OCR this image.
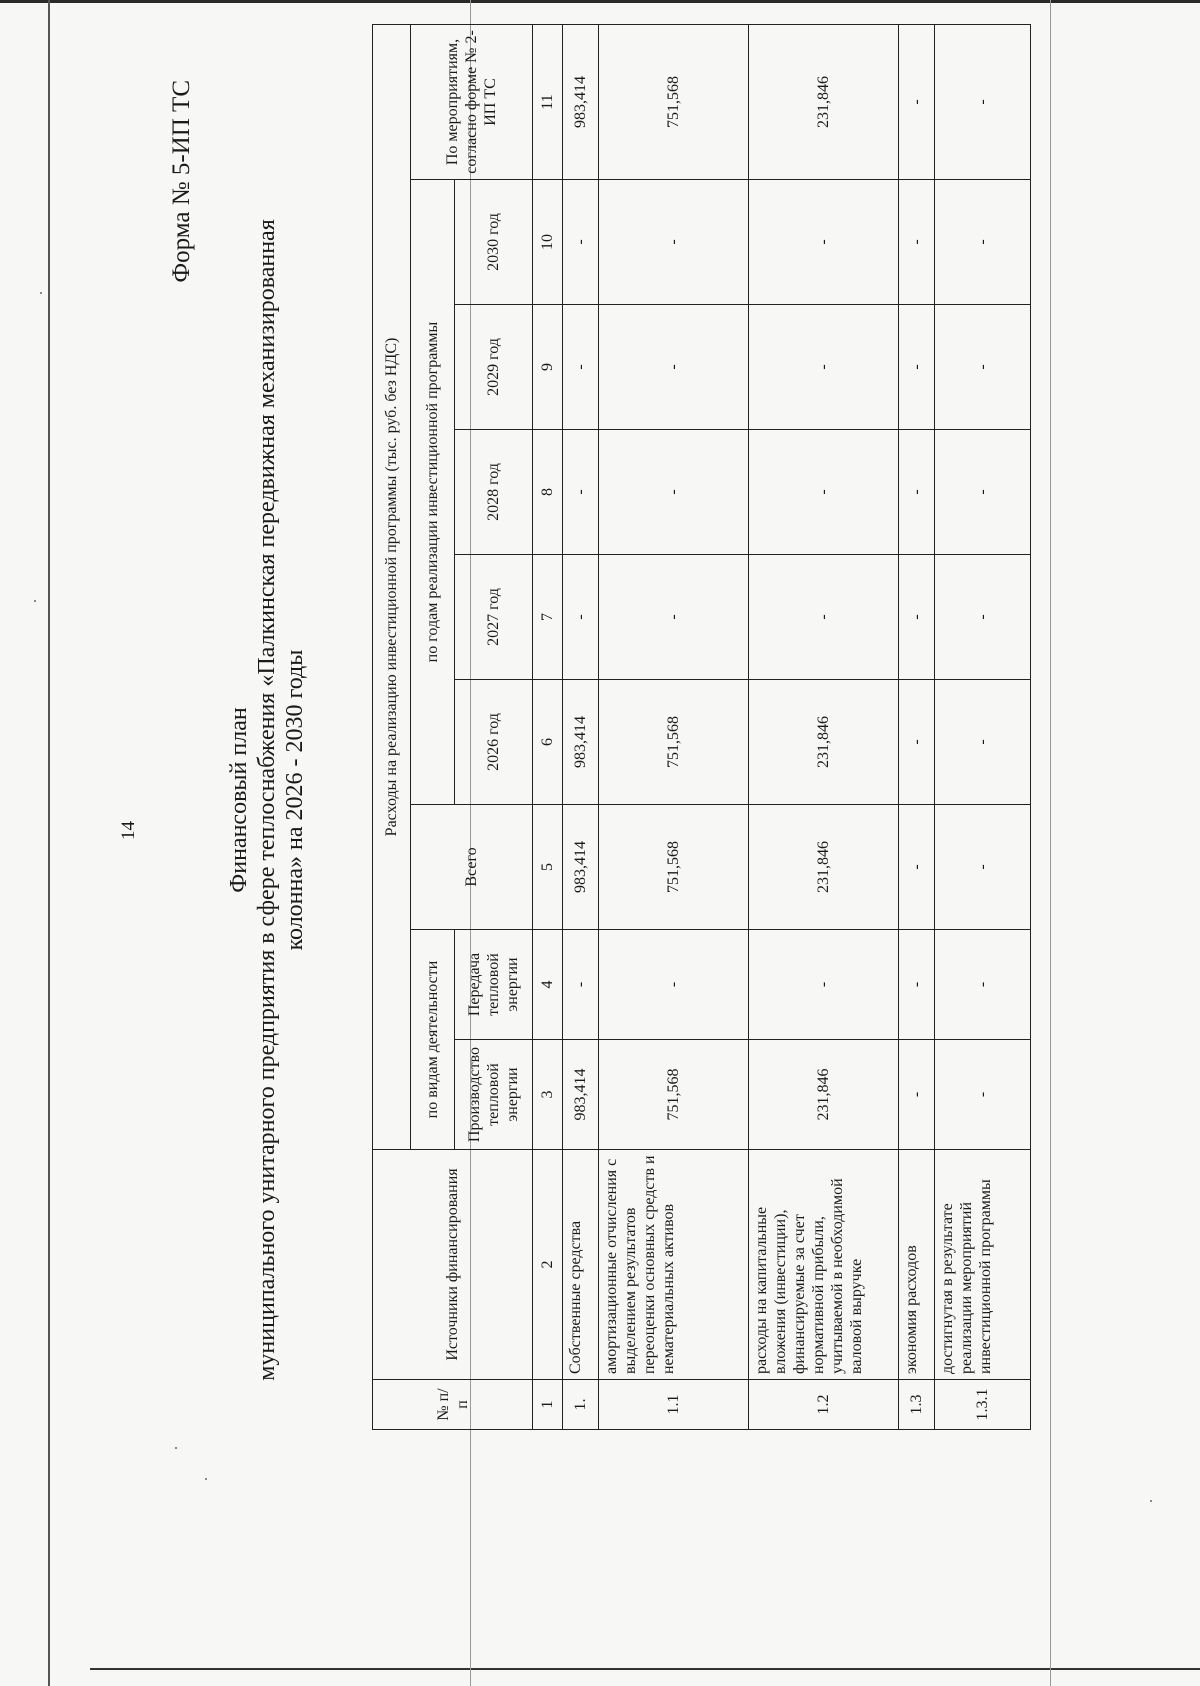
14
Форма № 5-ИП ТС
Финансовый план муниципального унитарного предприятия в сфере теплоснабжения «Палкинская передвижная механизированная колонна» на 2026 - 2030 годы
№ п/п	Источники финансирования	Расходы на реализацию инвестиционной программы (тыс. руб. без НДС)								
		по видам деятельности		Всего	по годам реализации инвестиционной программы					По мероприятиям, согласно форме № 2-ИП ТС
		Производство тепловой энергии	Передача тепловой энергии		2026 год	2027 год	2028 год	2029 год	2030 год	
1	2	3	4	5	6	7	8	9	10	11
1.	Собственные средства	983,414	-	983,414	983,414	-	-	-	-	983,414
1.1	амортизационные отчисления с выделением результатов переоценки основных средств и нематериальных активов	751,568	-	751,568	751,568	-	-	-	-	751,568
1.2	расходы на капитальные вложения (инвестиции), финансируемые за счет нормативной прибыли, учитываемой в необходимой валовой выручке	231,846	-	231,846	231,846	-	-	-	-	231,846
1.3	экономия расходов	-	-	-	-	-	-	-	-	-
1.3.1	достигнутая в результате реализации мероприятий инвестиционной программы	-	-	-	-	-	-	-	-	-
